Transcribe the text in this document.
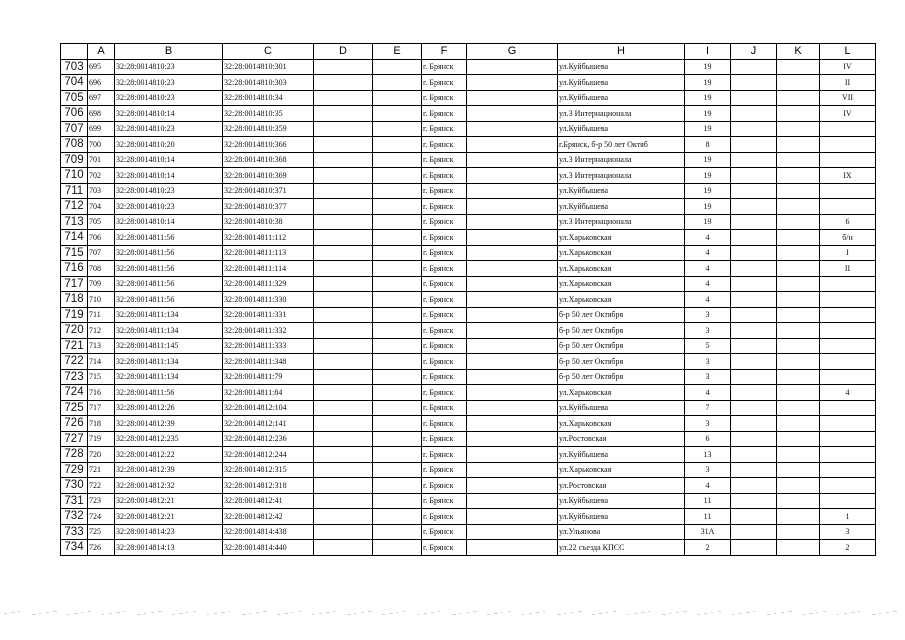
	A	B	C	D	E	F	G	H	I	J	K	L
703	695	32:28:0014810:23	32:28:0014810:301			г. Брянск		ул.Куйбышева	19			IV
704	696	32:28:0014810:23	32:28:0014810:303			г. Брянск		ул.Куйбышева	19			II
705	697	32:28:0014810:23	32:28:0014810:34			г. Брянск		ул.Куйбышева	19			VII
706	698	32:28:0014810:14	32:28:0014810:35			г. Брянск		ул.3 Интернационала	19			IV
707	699	32:28:0014810:23	32:28:0014810:359			г. Брянск		ул.Куйбышева	19			
708	700	32:28:0014810:20	32:28:0014810:366			г. Брянск		г.Брянск, б-р 50 лет Октяб	8			
709	701	32:28:0014810:14	32:28:0014810:368			г. Брянск		ул.3 Интернационала	19			
710	702	32:28:0014810:14	32:28:0014810:369			г. Брянск		ул.3 Интернационала	19			IX
711	703	32:28:0014810:23	32:28:0014810:371			г. Брянск		ул.Куйбышева	19			
712	704	32:28:0014810:23	32:28:0014810:377			г. Брянск		ул.Куйбышева	19			
713	705	32:28:0014810:14	32:28:0014810:38			г. Брянск		ул.3 Интернационала	19			6
714	706	32:28:0014811:56	32:28:0014811:112			г. Брянск		ул.Харьковская	4			б/н
715	707	32:28:0014811:56	32:28:0014811:113			г. Брянск		ул.Харьковская	4			I
716	708	32:28:0014811:56	32:28:0014811:114			г. Брянск		ул.Харьковская	4			II
717	709	32:28:0014811:56	32:28:0014811:329			г. Брянск		ул.Харьковская	4			
718	710	32:28:0014811:56	32:28:0014811:330			г. Брянск		ул.Харьковская	4			
719	711	32:28:0014811:134	32:28:0014811:331			г. Брянск		б-р 50 лет Октября	3			
720	712	32:28:0014811:134	32:28:0014811:332			г. Брянск		б-р 50 лет Октября	3			
721	713	32:28:0014811:145	32:28:0014811:333			г. Брянск		б-р 50 лет Октября	5			
722	714	32:28:0014811:134	32:28:0014811:348			г. Брянск		б-р 50 лет Октября	3			
723	715	32:28:0014811:134	32:28:0014811:79			г. Брянск		б-р 50 лет Октября	3			
724	716	32:28:0014811:56	32:28:0014811:84			г. Брянск		ул.Харьковская	4			4
725	717	32:28:0014812:26	32:28:0014812:104			г. Брянск		ул.Куйбышева	7			
726	718	32:28:0014812:39	32:28:0014812:141			г. Брянск		ул.Харьковская	3			
727	719	32:28:0014812:235	32:28:0014812:236			г. Брянск		ул.Ростовская	6			
728	720	32:28:0014812:22	32:28:0014812:244			г. Брянск		ул.Куйбышева	13			
729	721	32:28:0014812:39	32:28:0014812:315			г. Брянск		ул.Харьковская	3			
730	722	32:28:0014812:32	32:28:0014812:318			г. Брянск		ул.Ростовская	4			
731	723	32:28:0014812:21	32:28:0014812:41			г. Брянск		ул.Куйбышева	11			
732	724	32:28:0014812:21	32:28:0014812:42			г. Брянск		ул.Куйбышева	11			1
733	725	32:28:0014814:23	32:28:0014814:438			г. Брянск		ул.Ульянова	31А			3
734	726	32:28:0014814:13	32:28:0014814:440			г. Брянск		ул.22 съезда КПСС	2			2
